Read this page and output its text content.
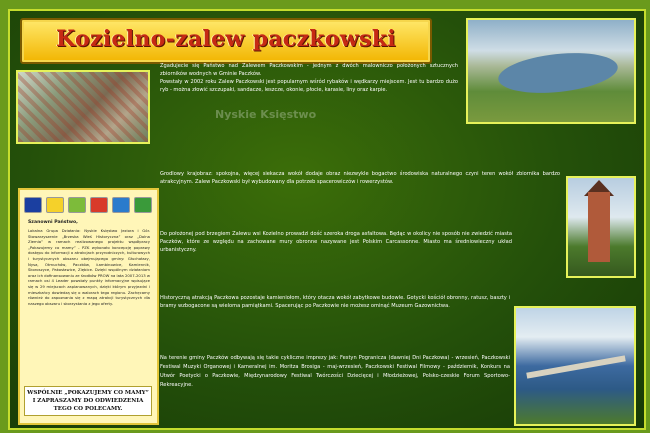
Kozielno-zalew paczkowski
Nyskie Księstwo

Zgadujecie się Państwo nad Zalewem Paczkowskim - jednym z dwóch malowniczo położonych sztucznych zbiorników wodnych w Gminie Paczków.

Powstały w 2002 roku Zalew Paczkowski jest popularnym wśród rybaków i wędkarzy miejscem. Jest tu bardzo dużo ryb - można złowić szczupaki, sandacze, leszcze, okonie, płocie, karasie, liny oraz karpie.

Grodlowy krajobraz: spokojna, więcej siekacza wokół dodaje obraz niezwykle bogactwo środowiska naturalnego czyni teren wokół zbiornika bardzo atrakcyjnym. Zalew Paczkowski był wybudowany dla potrzeb spacerowiczów i rowerzystów.

Do położonej pod brzegiem Zalewu wsi Kozielno prowadzi dość szeroka droga asfaltowa. Będąc w okolicy nie sposób nie zwiedzić miasta Paczków, które ze względu na zachowane mury obronne nazywane jest Polskim Carcassonne. Miasto ma średniowieczny układ urbanistyczny.

Historyczną atrakcją Paczkowa pozostaje kamieniołom, który otacza wokół zabytkowe budowle. Gotycki kościół obronny, ratusz, baszty i bramy wzbogacone są wieloma pamiątkami. Spacerując po Paczkowie nie możesz ominąć Muzeum Gazownictwa.

Na terenie gminy Paczków odbywają się takie cykliczne imprezy jak: Festyn Pogranicza (dawniej Dni Paczkowa) - wrzesień, Paczkowski Festiwal Muzyki Organowej i Kameralnej im. Moritza Brosiga - maj-wrzesień, Paczkowski Festiwal Filmowy - październik, Konkurs na Utwór Poetycki o Paczkowie, Międzynarodowy Festiwal Twórczości Dziecięcej i Młodzieżowej, Polsko-czeskie Forum Sportowo-Rekreacyjne.

Szanowni Państwo,
Lokalna Grupa Działania: Nyskie Księstwo Jeziora i Gór. Stowarzyszenie „Brzeska Wieś Historyczna” oraz „Dolna Ziemia” w ramach realizowanego projektu współpracy „Pokazujemy co mamy” - PZK wykonało koncepcję poprawy dostępu do informacji o atrakcjach przyrodniczych, kulturowych i turystycznych obszaru obejmującego gminy: Głuchołazy, Nysa, Otmuchów, Paczków, Łambinowice, Kamiennik, Skoroszyce, Pakosławice, Ziębice. Dzięki wspólnym działaniom oraz ich dofinansowaniu ze środków PROW na lata 2007-2013 w ramach osi 4 Leader powstały punkty informacyjne wpisujące się w 29 miejscach zaplanowanych, dzięki którym przyjezdni i mieszkańcy dowiedzą się o walorach tego regionu. Zachęcamy również do zapoznania się z mapą atrakcji turystycznych dla naszego obszaru i skorzystania z jego oferty.
WSPÓLNIE „POKAZUJEMY CO MAMY” I ZAPRASZAMY DO ODWIEDZENIA TEGO CO POLECAMY.
